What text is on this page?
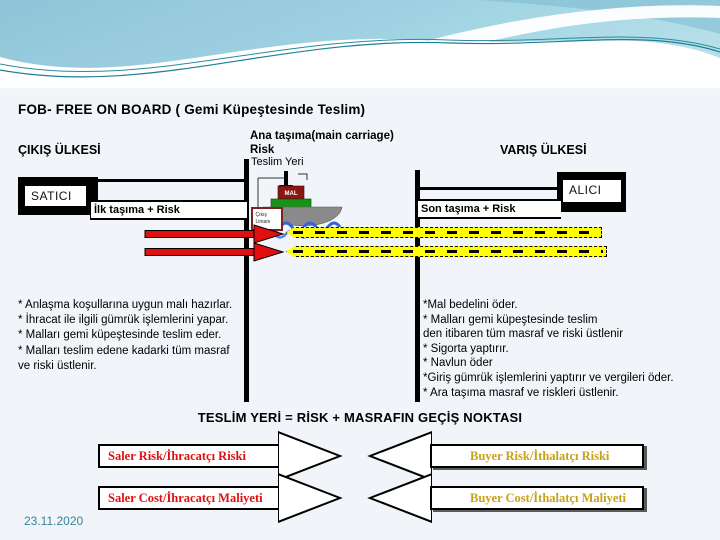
FOB- FREE ON BOARD ( Gemi Küpeştesinde Teslim)
ÇIKIŞ ÜLKESİ	VARIŞ ÜLKESİ
Ana taşıma(main carriage)
Risk
Teslim Yeri
SATICI
İlk taşıma + Risk
ALICI
Son taşıma + Risk
MAL
Çıkış
Limanı
* Anlaşma koşullarına uygun malı hazırlar.
* İhracat ile ilgili gümrük işlemlerini yapar.
* Malları gemi küpeştesinde teslim eder.
* Malları teslim edene kadarki tüm masraf
ve riski üstlenir.
*Mal bedelini öder.
* Malları gemi küpeştesinde teslim
den itibaren tüm masraf ve riski üstlenir
* Sigorta yaptırır.
* Navlun öder
*Giriş gümrük işlemlerini yaptırır ve vergileri öder.
* Ara taşıma masraf ve riskleri üstlenir.
TESLİM YERİ = RİSK + MASRAFIN GEÇİŞ NOKTASI
Saler Risk/İhracatçı Riski	Buyer Risk/İthalatçı Riski
Saler Cost/İhracatçı Maliyeti	Buyer Cost/İthalatçı Maliyeti
23.11.2020
